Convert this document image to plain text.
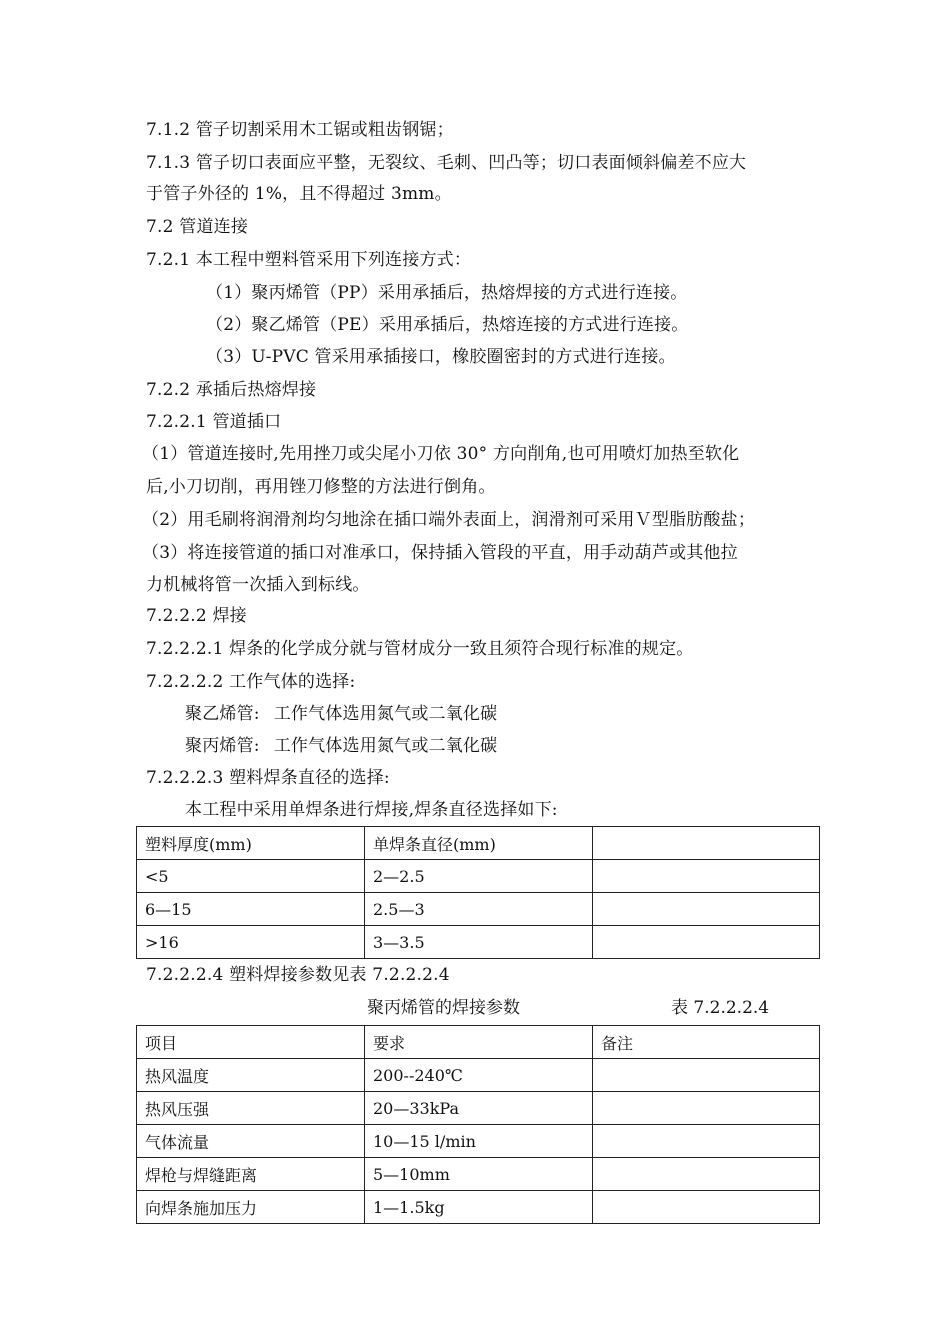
7.1.2 管子切割采用木工锯或粗齿钢锯；
7.1.3 管子切口表面应平整，无裂纹、毛刺、凹凸等；切口表面倾斜偏差不应大
于管子外径的 1%，且不得超过 3mm。
7.2 管道连接
7.2.1 本工程中塑料管采用下列连接方式：
（1）聚丙烯管（PP）采用承插后，热熔焊接的方式进行连接。
（2）聚乙烯管（PE）采用承插后，热熔连接的方式进行连接。
（3）U-PVC 管采用承插接口，橡胶圈密封的方式进行连接。
7.2.2 承插后热熔焊接
7.2.2.1 管道插口
（1）管道连接时,先用挫刀或尖尾小刀依 30° 方向削角,也可用喷灯加热至软化
后,小刀切削，再用锉刀修整的方法进行倒角。
（2）用毛刷将润滑剂均匀地涂在插口端外表面上，润滑剂可采用Ｖ型脂肪酸盐；
（3）将连接管道的插口对准承口，保持插入管段的平直，用手动葫芦或其他拉
力机械将管一次插入到标线。
7.2.2.2 焊接
7.2.2.2.1 焊条的化学成分就与管材成分一致且须符合现行标准的规定。
7.2.2.2.2 工作气体的选择:
聚乙烯管: 工作气体选用氮气或二氧化碳
聚丙烯管: 工作气体选用氮气或二氧化碳
7.2.2.2.3 塑料焊条直径的选择:
本工程中采用单焊条进行焊接,焊条直径选择如下:
塑料厚度(mm)	单焊条直径(mm)	
<5	2—2.5	
6—15	2.5—3	
>16	3—3.5	
7.2.2.2.4 塑料焊接参数见表 7.2.2.2.4
聚丙烯管的焊接参数	表 7.2.2.2.4
项目	要求	备注
热风温度	200--240℃	
热风压强	20—33kPa	
气体流量	10—15 l/min	
焊枪与焊缝距离	5—10mm	
向焊条施加压力	1—1.5kg	
